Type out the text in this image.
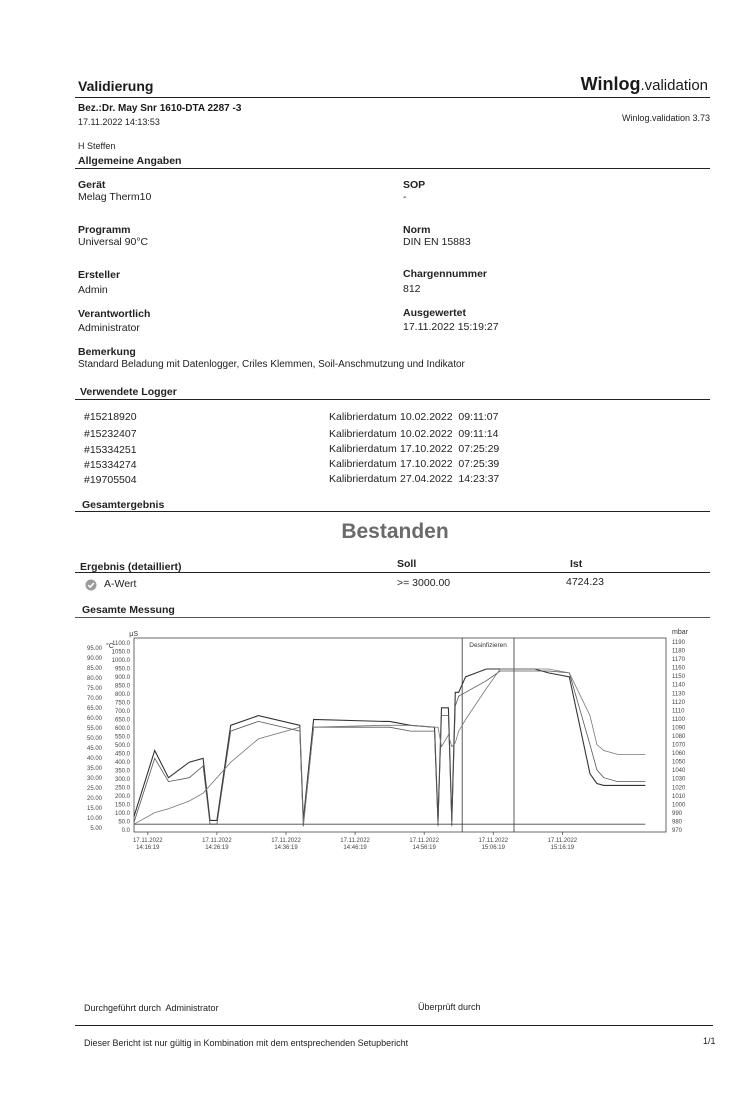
Validierung	Winlog.validation
Bez.:Dr. May Snr 1610-DTA 2287 -3
17.11.2022 14:13:53	Winlog.validation 3.73
H Steffen
Allgemeine Angaben
Gerät
Melag Therm10
SOP
-
Programm
Universal 90°C
Norm
DIN EN 15883
Ersteller
Admin
Chargennummer
812
Verantwortlich
Administrator
Ausgewertet
17.11.2022 15:19:27
Bemerkung
Standard Beladung mit Datenlogger, Criles Klemmen, Soil-Anschmutzung und Indikator
Verwendete Logger
#15218920	Kalibrierdatum 10.02.2022  09:11:07
#15232407	Kalibrierdatum 10.02.2022  09:11:14
#15334251	Kalibrierdatum 17.10.2022  07:25:29
#15334274	Kalibrierdatum 17.10.2022  07:25:39
#19705504	Kalibrierdatum 27.04.2022  14:23:37
Gesamtergebnis
Bestanden
Ergebnis (detailliert)	Soll	Ist
A-Wert	>= 3000.00	4724.23
Gesamte Messung
°C
µS	mbar
95.00
90.00
85.00
80.00
75.00
70.00
65.00
60.00
55.00
50.00
45.00
40.00
35.00
30.00
25.00
20.00
15.00
10.00
5.00
1100.0
1050.0
1000.0
950.0
900.0
850.0
800.0
750.0
700.0
650.0
600.0
550.0
500.0
450.0
400.0
350.0
300.0
250.0
200.0
150.0
100.0
50.0
0.0
1190
1180
1170
1160
1150
1140
1130
1120
1110
1100
1090
1080
1070
1060
1050
1040
1030
1020
1010
1000
990
980
970
17.11.2022
14:16:19
17.11.2022
14:26:19
17.11.2022
14:36:19
17.11.2022
14:46:19
17.11.2022
14:56:19
17.11.2022
15:06:19
17.11.2022
15:16:19
Desinfizieren
Durchgeführt durch  Administrator	Überprüft durch
Dieser Bericht ist nur gültig in Kombination mit dem entsprechenden Setupbericht	1/1
